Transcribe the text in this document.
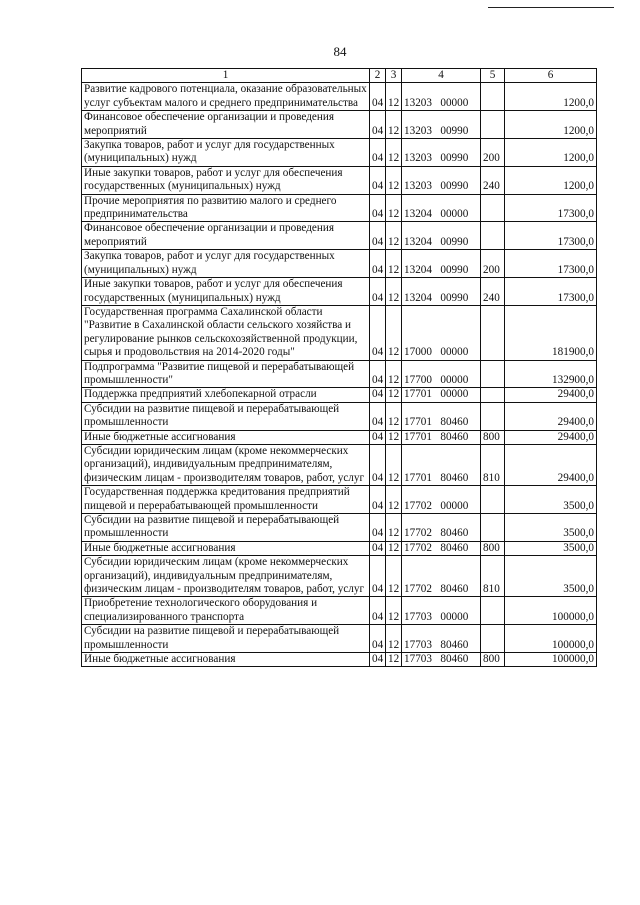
84
1	2	3	4	5	6
Развитие кадрового потенциала, оказание образовательных услуг субъектам малого и среднего предпринимательства	04	12	13203   00000		1200,0
Финансовое обеспечение организации и проведения мероприятий	04	12	13203   00990		1200,0
Закупка товаров, работ и услуг для государственных (муниципальных) нужд	04	12	13203   00990	200	1200,0
Иные закупки товаров, работ и услуг для обеспечения государственных (муниципальных) нужд	04	12	13203   00990	240	1200,0
Прочие мероприятия по развитию малого и среднего предпринимательства	04	12	13204   00000		17300,0
Финансовое обеспечение организации и проведения мероприятий	04	12	13204   00990		17300,0
Закупка товаров, работ и услуг для государственных (муниципальных) нужд	04	12	13204   00990	200	17300,0
Иные закупки товаров, работ и услуг для обеспечения государственных (муниципальных) нужд	04	12	13204   00990	240	17300,0
Государственная программа Сахалинской области "Развитие в Сахалинской области сельского хозяйства и регулирование рынков сельскохозяйственной продукции, сырья и продовольствия на 2014-2020 годы"	04	12	17000   00000		181900,0
Подпрограмма "Развитие пищевой и перерабатывающей промышленности"	04	12	17700   00000		132900,0
Поддержка предприятий хлебопекарной отрасли	04	12	17701   00000		29400,0
Субсидии на развитие пищевой и перерабатывающей промышленности	04	12	17701   80460		29400,0
Иные бюджетные ассигнования	04	12	17701   80460	800	29400,0
Субсидии юридическим лицам (кроме некоммерческих организаций), индивидуальным предпринимателям, физическим лицам - производителям товаров, работ, услуг	04	12	17701   80460	810	29400,0
Государственная поддержка кредитования предприятий пищевой и перерабатывающей промышленности	04	12	17702   00000		3500,0
Субсидии на развитие пищевой и перерабатывающей промышленности	04	12	17702   80460		3500,0
Иные бюджетные ассигнования	04	12	17702   80460	800	3500,0
Субсидии юридическим лицам (кроме некоммерческих организаций), индивидуальным предпринимателям, физическим лицам - производителям товаров, работ, услуг	04	12	17702   80460	810	3500,0
Приобретение технологического оборудования и специализированного транспорта	04	12	17703   00000		100000,0
Субсидии на развитие пищевой и перерабатывающей промышленности	04	12	17703   80460		100000,0
Иные бюджетные ассигнования	04	12	17703   80460	800	100000,0
